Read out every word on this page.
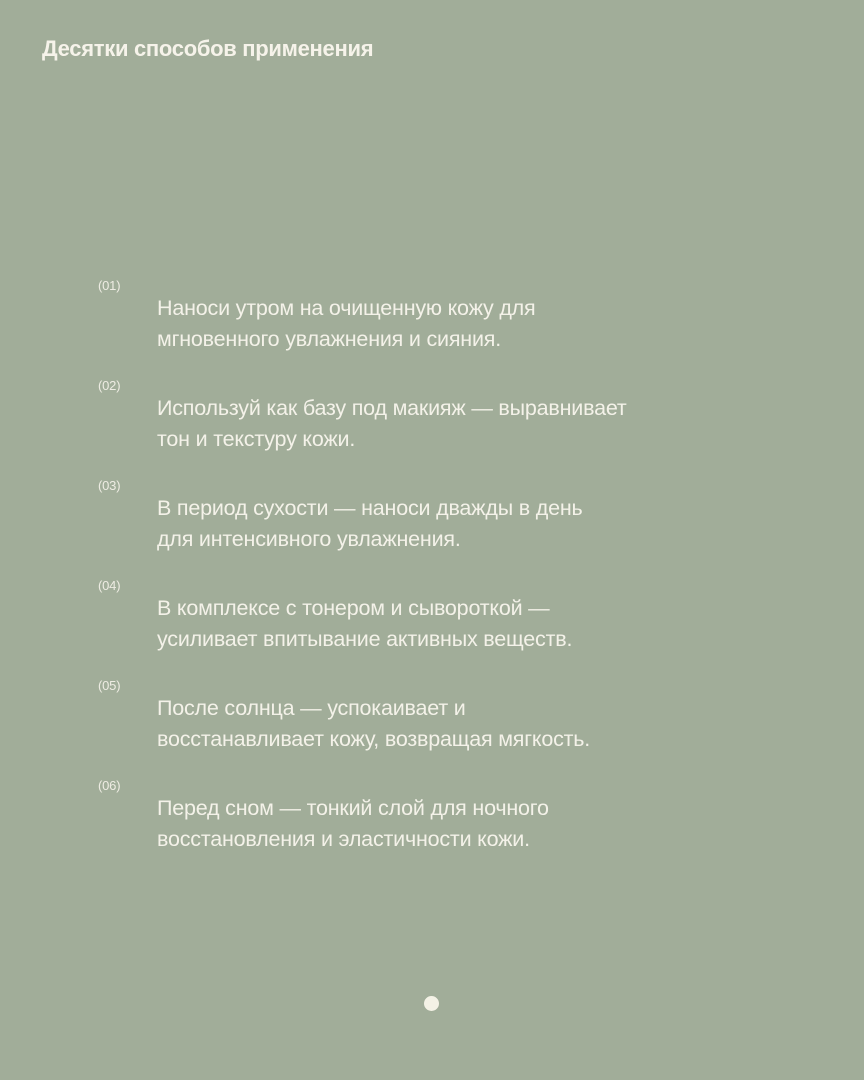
Десятки способов применения
(01)

Наноси утром на очищенную кожу для
мгновенного увлажнения и сияния.

(02)

Используй как базу под макияж — выравнивает
тон и текстуру кожи.

(03)

В период сухости — наноси дважды в день
для интенсивного увлажнения.

(04)

В комплексе с тонером и сывороткой —
усиливает впитывание активных веществ.

(05)

После солнца — успокаивает и
восстанавливает кожу, возвращая мягкость.

(06)

Перед сном — тонкий слой для ночного
восстановления и эластичности кожи.
